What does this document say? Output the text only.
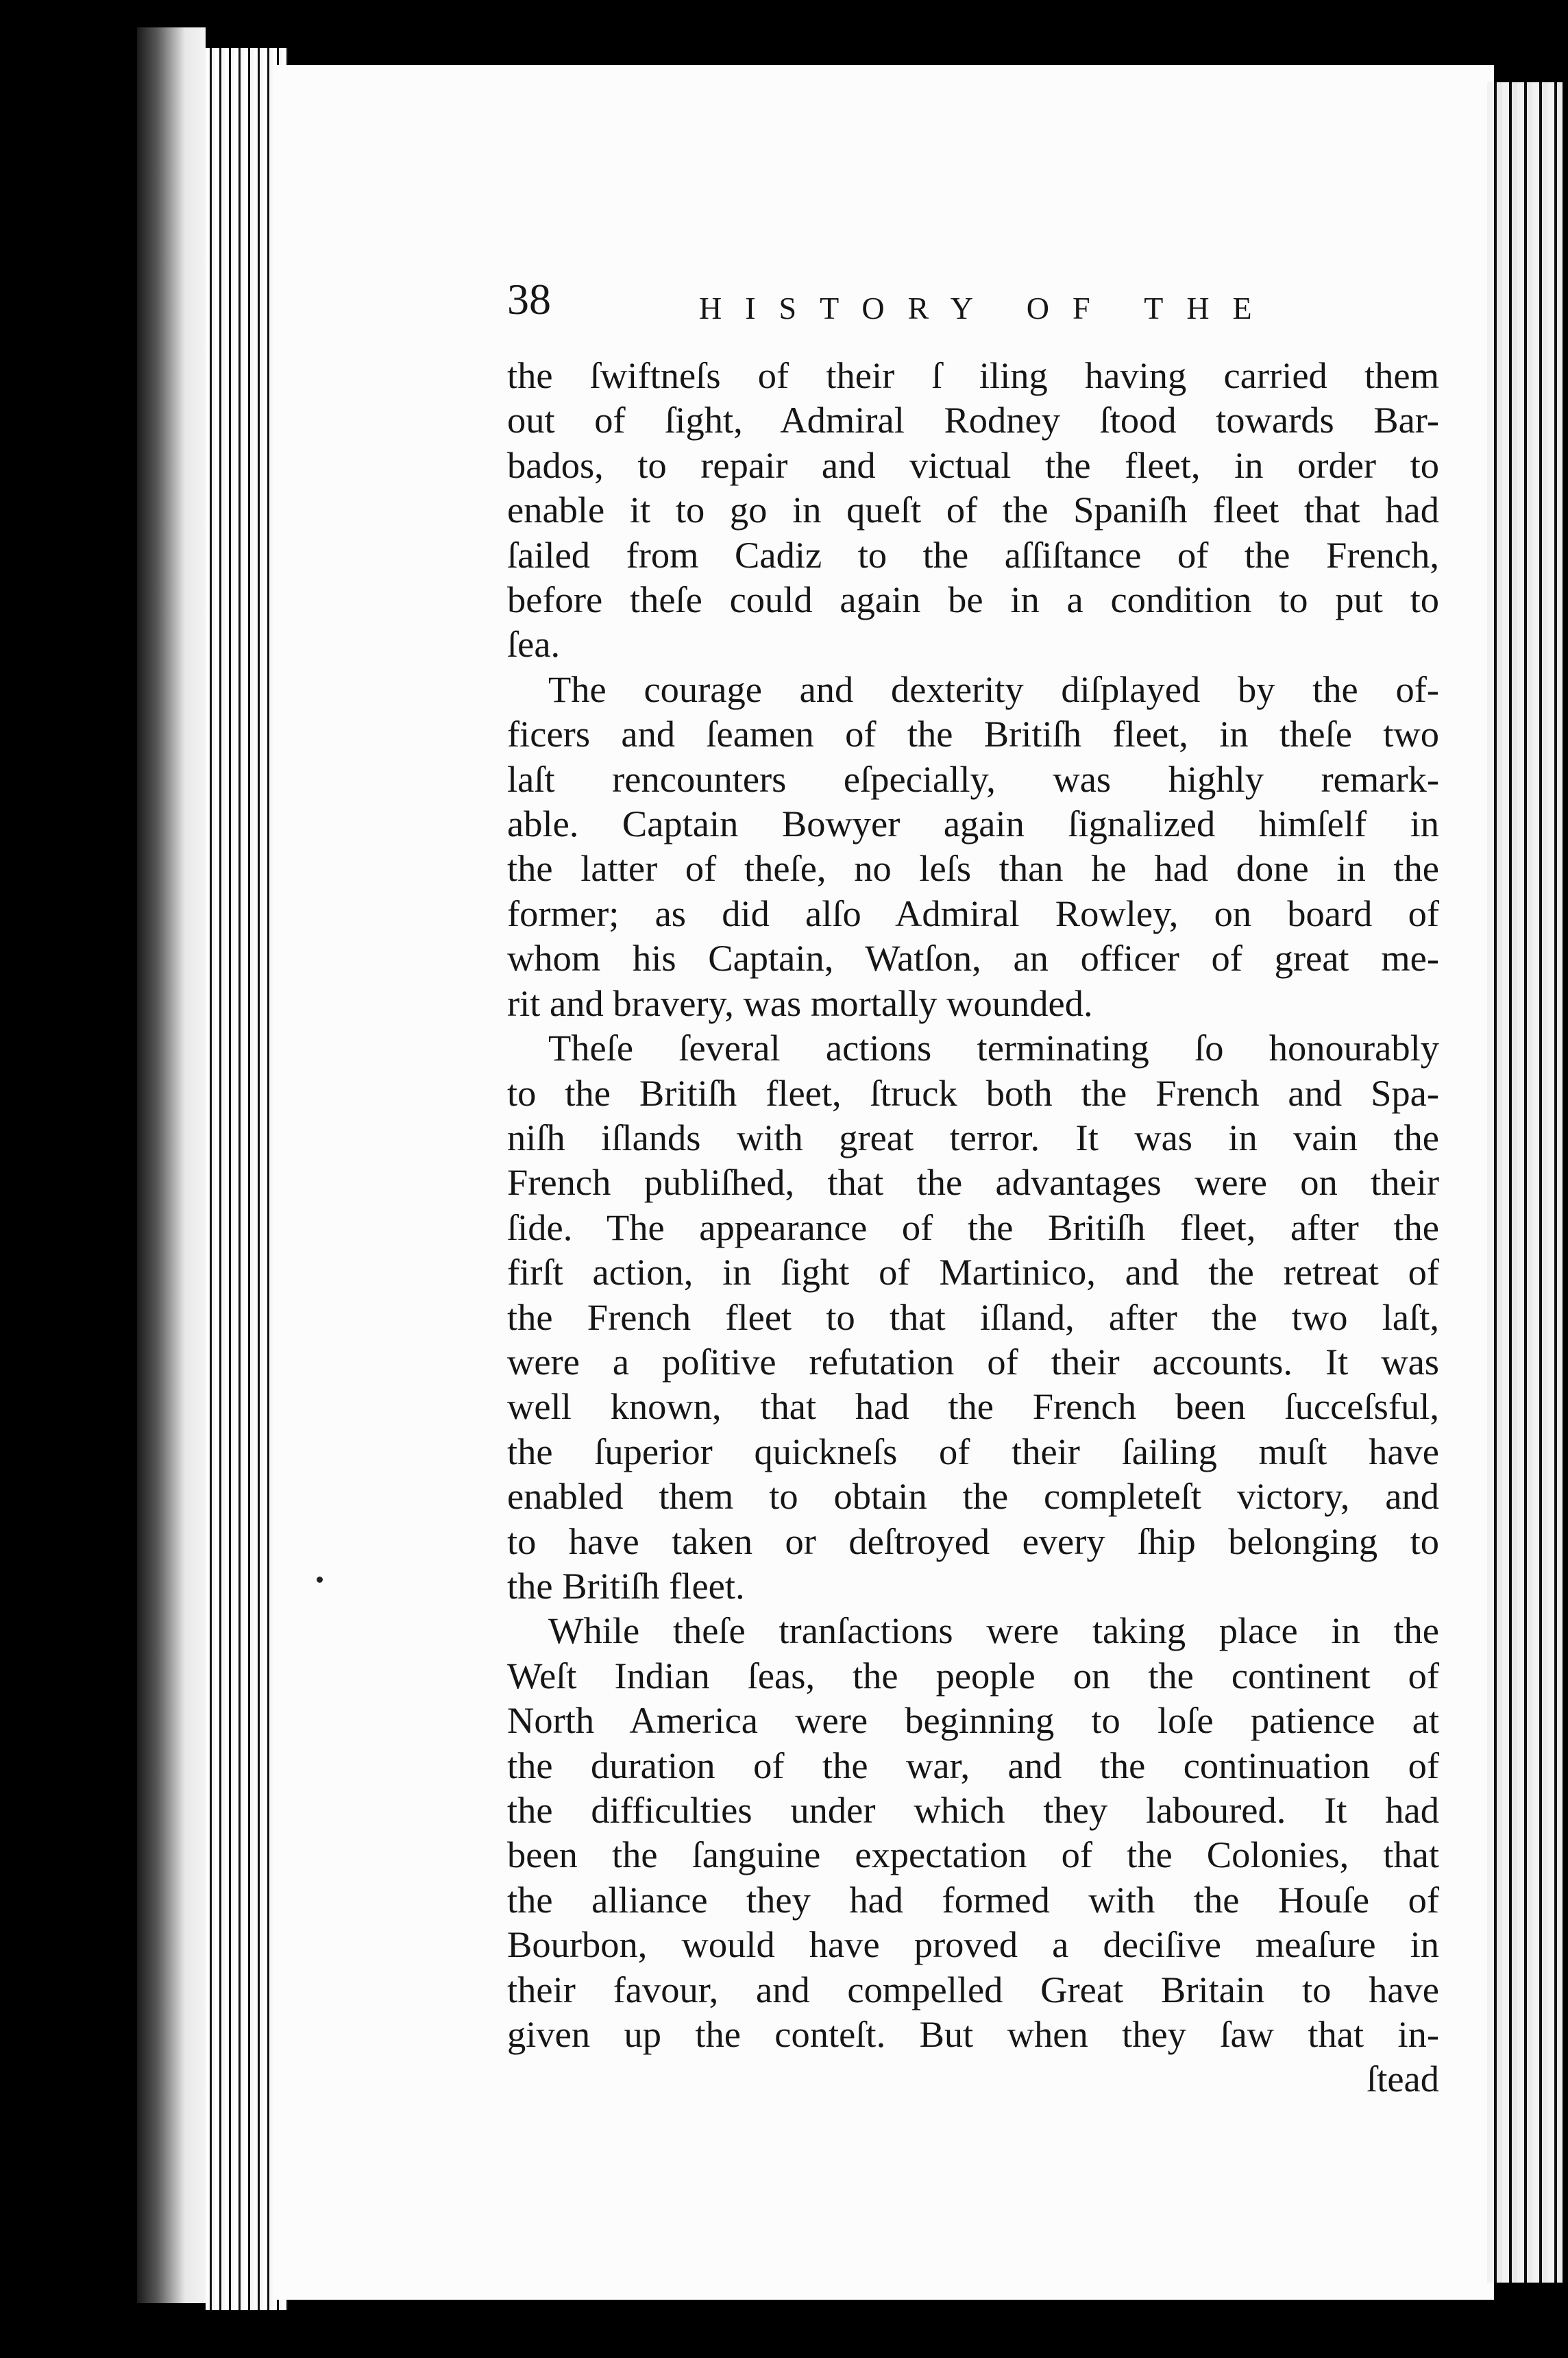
38	HISTORY OF THE
the ſwiftneſs of their ſ iling having carried them
out of ſight, Admiral Rodney ſtood towards Bar-
bados, to repair and victual the fleet, in order to
enable it to go in queſt of the Spaniſh fleet that had
ſailed from Cadiz to the aſſiſtance of the French,
before theſe could again be in a condition to put to
ſea.
The courage and dexterity diſplayed by the of-
ficers and ſeamen of the Britiſh fleet, in theſe two
laſt rencounters eſpecially, was highly remark-
able. Captain Bowyer again ſignalized himſelf in
the latter of theſe, no leſs than he had done in the
former; as did alſo Admiral Rowley, on board of
whom his Captain, Watſon, an officer of great me-
rit and bravery, was mortally wounded.
Theſe ſeveral actions terminating ſo honourably
to the Britiſh fleet, ſtruck both the French and Spa-
niſh iſlands with great terror. It was in vain the
French publiſhed, that the advantages were on their
ſide. The appearance of the Britiſh fleet, after the
firſt action, in ſight of Martinico, and the retreat of
the French fleet to that iſland, after the two laſt,
were a poſitive refutation of their accounts. It was
well known, that had the French been ſucceſsful,
the ſuperior quickneſs of their ſailing muſt have
enabled them to obtain the completeſt victory, and
to have taken or deſtroyed every ſhip belonging to
the Britiſh fleet.
While theſe tranſactions were taking place in the
Weſt Indian ſeas, the people on the continent of
North America were beginning to loſe patience at
the duration of the war, and the continuation of
the difficulties under which they laboured. It had
been the ſanguine expectation of the Colonies, that
the alliance they had formed with the Houſe of
Bourbon, would have proved a deciſive meaſure in
their favour, and compelled Great Britain to have
given up the conteſt. But when they ſaw that in-
ſtead
